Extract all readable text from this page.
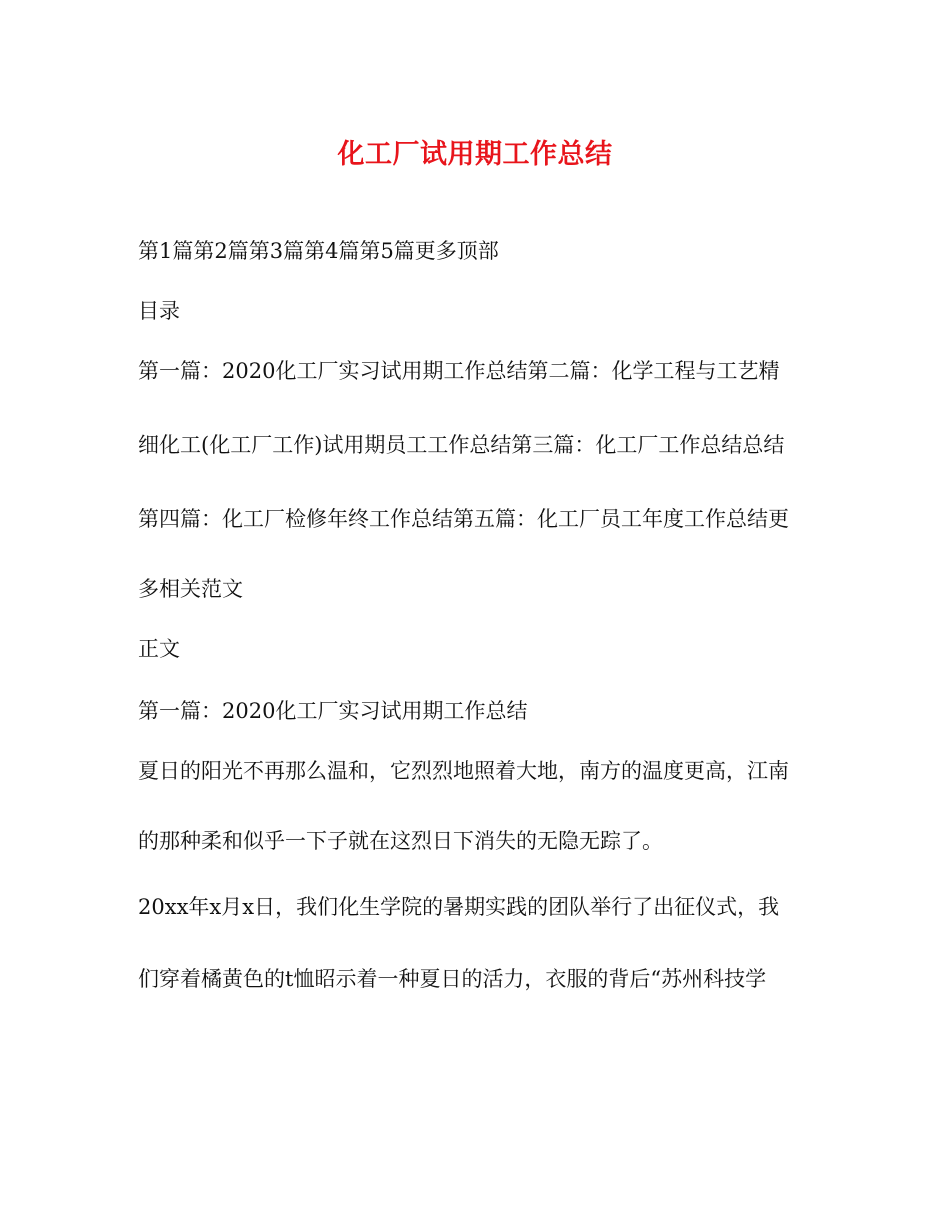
化工厂试用期工作总结
第1篇第2篇第3篇第4篇第5篇更多顶部
目录
第一篇：2020化工厂实习试用期工作总结第二篇：化学工程与工艺精
细化工(化工厂工作)试用期员工工作总结第三篇：化工厂工作总结总结
第四篇：化工厂检修年终工作总结第五篇：化工厂员工年度工作总结更
多相关范文
正文
第一篇：2020化工厂实习试用期工作总结
夏日的阳光不再那么温和，它烈烈地照着大地，南方的温度更高，江南
的那种柔和似乎一下子就在这烈日下消失的无隐无踪了。
20xx年x月x日，我们化生学院的暑期实践的团队举行了出征仪式，我
们穿着橘黄色的t恤昭示着一种夏日的活力，衣服的背后“苏州科技学
